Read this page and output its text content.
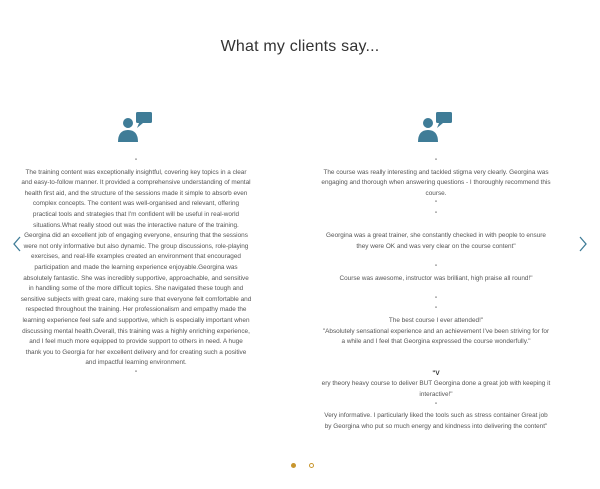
What my clients say...
"

The training content was exceptionally insightful, covering key topics in a clear

and easy-to-follow manner. It provided a comprehensive understanding of mental

health first aid, and the structure of the sessions made it simple to absorb even

complex concepts. The content was well-organised and relevant, offering

practical tools and strategies that I'm confident will be useful in real-world

situations.What really stood out was the interactive nature of the training.

Georgina did an excellent job of engaging everyone, ensuring that the sessions

were not only informative but also dynamic. The group discussions, role-playing

exercises, and real-life examples created an environment that encouraged

participation and made the learning experience enjoyable.Georgina was

absolutely fantastic. She was incredibly supportive, approachable, and sensitive

in handling some of the more difficult topics. She navigated these tough and

sensitive subjects with great care, making sure that everyone felt comfortable and

respected throughout the training. Her professionalism and empathy made the

learning experience feel safe and supportive, which is especially important when

discussing mental health.Overall, this training was a highly enriching experience,

and I feel much more equipped to provide support to others in need. A huge

thank you to Georgia for her excellent delivery and for creating such a positive

and impactful learning environment.

"
"

The course was really interesting and tackled stigma very clearly. Georgina was

engaging and thorough when answering questions - I thoroughly recommend this

course.

"
"

Georgina was a great trainer, she constantly checked in with people to ensure

they were OK and was very clear on the course content"

"

Course was awesome, instructor was brilliant, high praise all round!"

"
"

The best course I ever attended!"

"Absolutely sensational experience and an achievement I've been striving for for

a while and I feel that Georgina expressed the course wonderfully."

"V

ery theory heavy course to deliver BUT Georgina done a great job with keeping it

interactive!"

"

Very informative. I particularly liked the tools such as stress container Great job

by Georgina who put so much energy and kindness into delivering the content"
